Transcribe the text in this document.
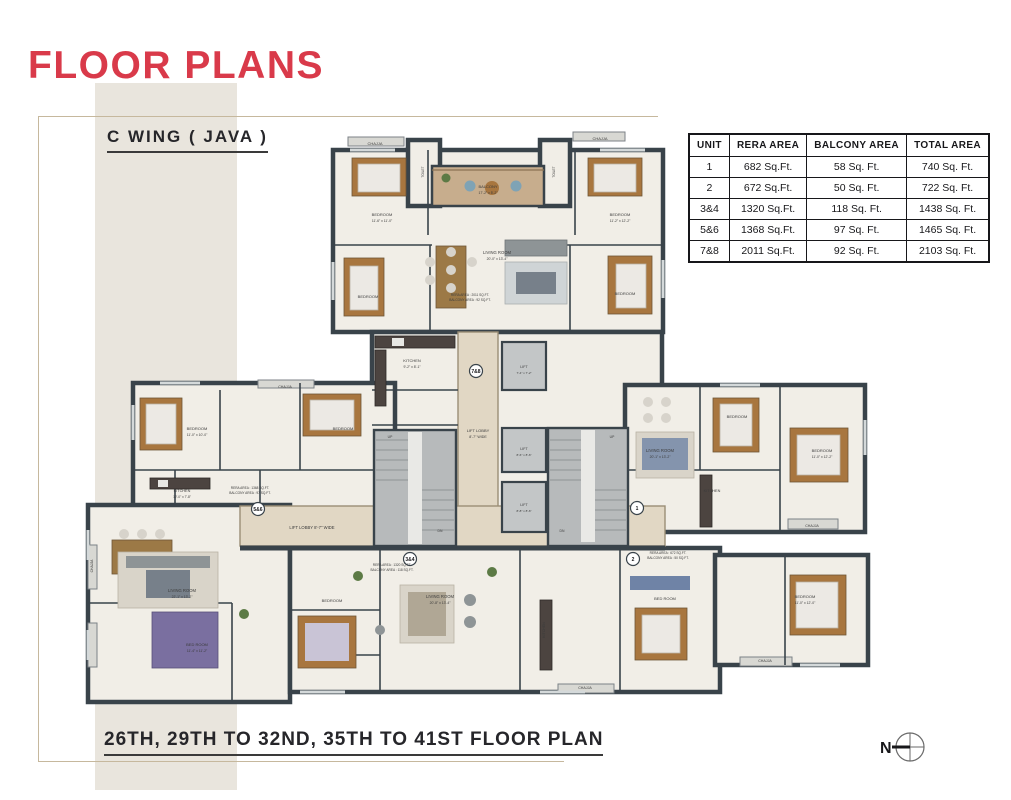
FLOOR PLANS
C WING ( JAVA )
26TH, 29TH TO 32ND, 35TH TO 41ST FLOOR PLAN
UNIT	RERA AREA	BALCONY AREA	TOTAL AREA
1	682 Sq.Ft.	58 Sq. Ft.	740 Sq. Ft.
2	672 Sq.Ft.	50 Sq. Ft.	722 Sq. Ft.
3&4	1320 Sq.Ft.	118 Sq. Ft.	1438 Sq. Ft.
5&6	1368 Sq.Ft.	97 Sq. Ft.	1465 Sq. Ft.
7&8	2011 Sq.Ft.	92 Sq. Ft.	2103 Sq. Ft.
N
7&8
5&6
3&4
1
2
CHAJJA
CHAJJA
BALCONY
17'-2" x 5'-2"
TOILET	TOILET
BEDROOM
11'-6" x 11'-0"
BEDROOM
11'-2" x 12'-2"
LIVING ROOM
20'-0" x 13'-4"
BEDROOM
BEDROOM
RERA AREA : 2011 SQ.FT.
BALCONY AREA : 92 SQ.FT.
KITCHEN
9'-2" x 8'-1"	LIFT
7'-4" x 7'-2"
LIFT LOBBY
8'-7" WIDE
LIFT
8'-6" x 8'-6"
LIFT
8'-8" x 8'-6"
UP
DN
UP
DN
LIFT LOBBY 8'-7" WIDE
CHAJJA
BEDROOM
11'-0" x 10'-0"
BEDROOM
KITCHEN
12'-0" x 7'-8"
RERA AREA : 1368 SQ.FT.
BALCONY AREA : 97 SQ.FT.
CHAJJA
LIVING ROOM
22'-1" x 13'-2"
BED ROOM
11'-4" x 11'-2"
RERA AREA : 1320 SQ.FT.
BALCONY AREA : 118 SQ.FT.
BEDROOM
LIVING ROOM
20'-8" x 13'-4"
KITCHEN
BED ROOM
CHAJJA
RERA AREA : 672 SQ.FT.
BALCONY AREA : 50 SQ.FT.
BEDROOM
11'-0" x 12'-0"
CHAJJA
CHAJJA
LIVING ROOM
20'-1" x 13'-2"
BEDROOM
BEDROOM
11'-0" x 12'-2"
KITCHEN
